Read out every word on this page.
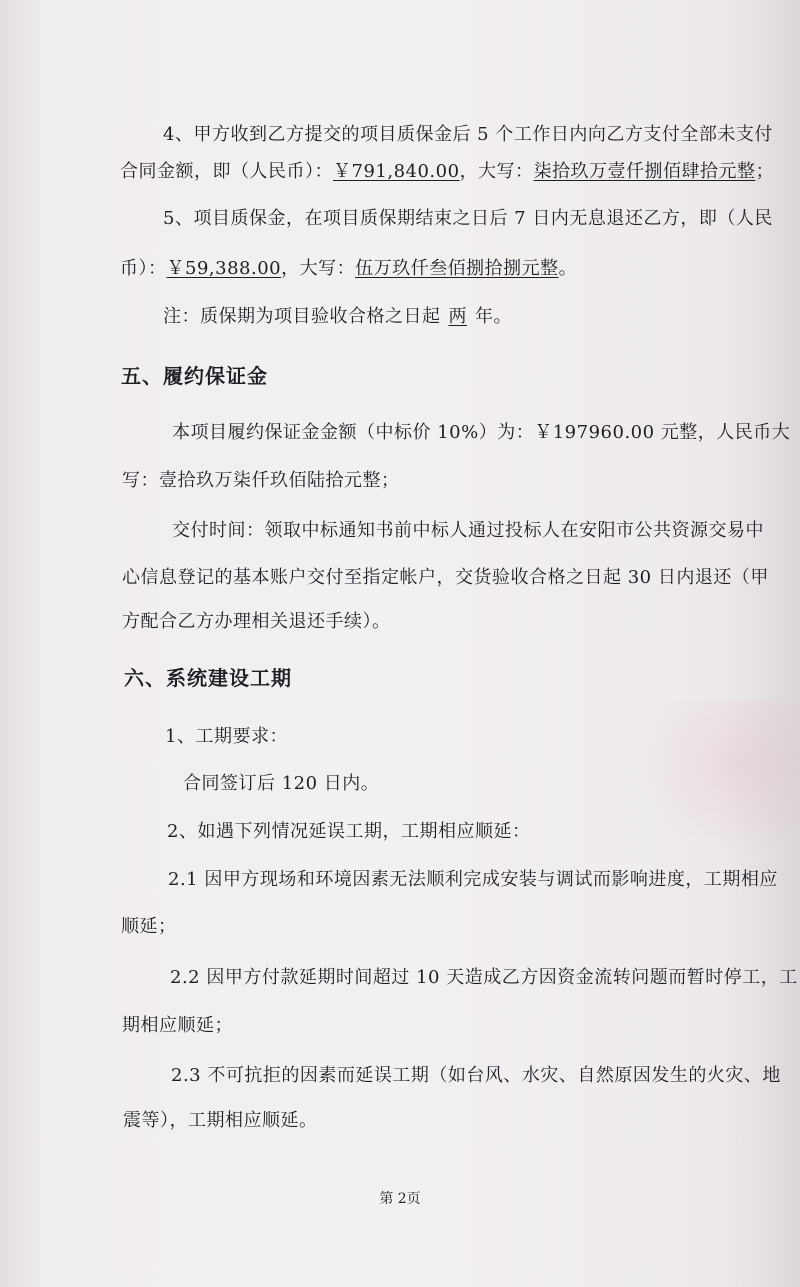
4、甲方收到乙方提交的项目质保金后 5 个工作日内向乙方支付全部未支付
合同金额，即（人民币）：￥791,840.00，大写：柒拾玖万壹仟捌佰肆拾元整；
5、项目质保金，在项目质保期结束之日后 7 日内无息退还乙方，即（人民
币）：￥59,388.00，大写：伍万玖仟叁佰捌拾捌元整。
注：质保期为项目验收合格之日起 两 年。
五、履约保证金
本项目履约保证金金额（中标价 10%）为：￥197960.00 元整，人民币大
写：壹拾玖万柒仟玖佰陆拾元整；
交付时间：领取中标通知书前中标人通过投标人在安阳市公共资源交易中
心信息登记的基本账户交付至指定帐户，交货验收合格之日起 30 日内退还（甲
方配合乙方办理相关退还手续）。
六、系统建设工期
1、工期要求：
合同签订后 120 日内。
2、如遇下列情况延误工期，工期相应顺延：
2.1 因甲方现场和环境因素无法顺利完成安装与调试而影响进度，工期相应
顺延；
2.2 因甲方付款延期时间超过 10 天造成乙方因资金流转问题而暂时停工，工
期相应顺延；
2.3 不可抗拒的因素而延误工期（如台风、水灾、自然原因发生的火灾、地
震等），工期相应顺延。
第 2页
